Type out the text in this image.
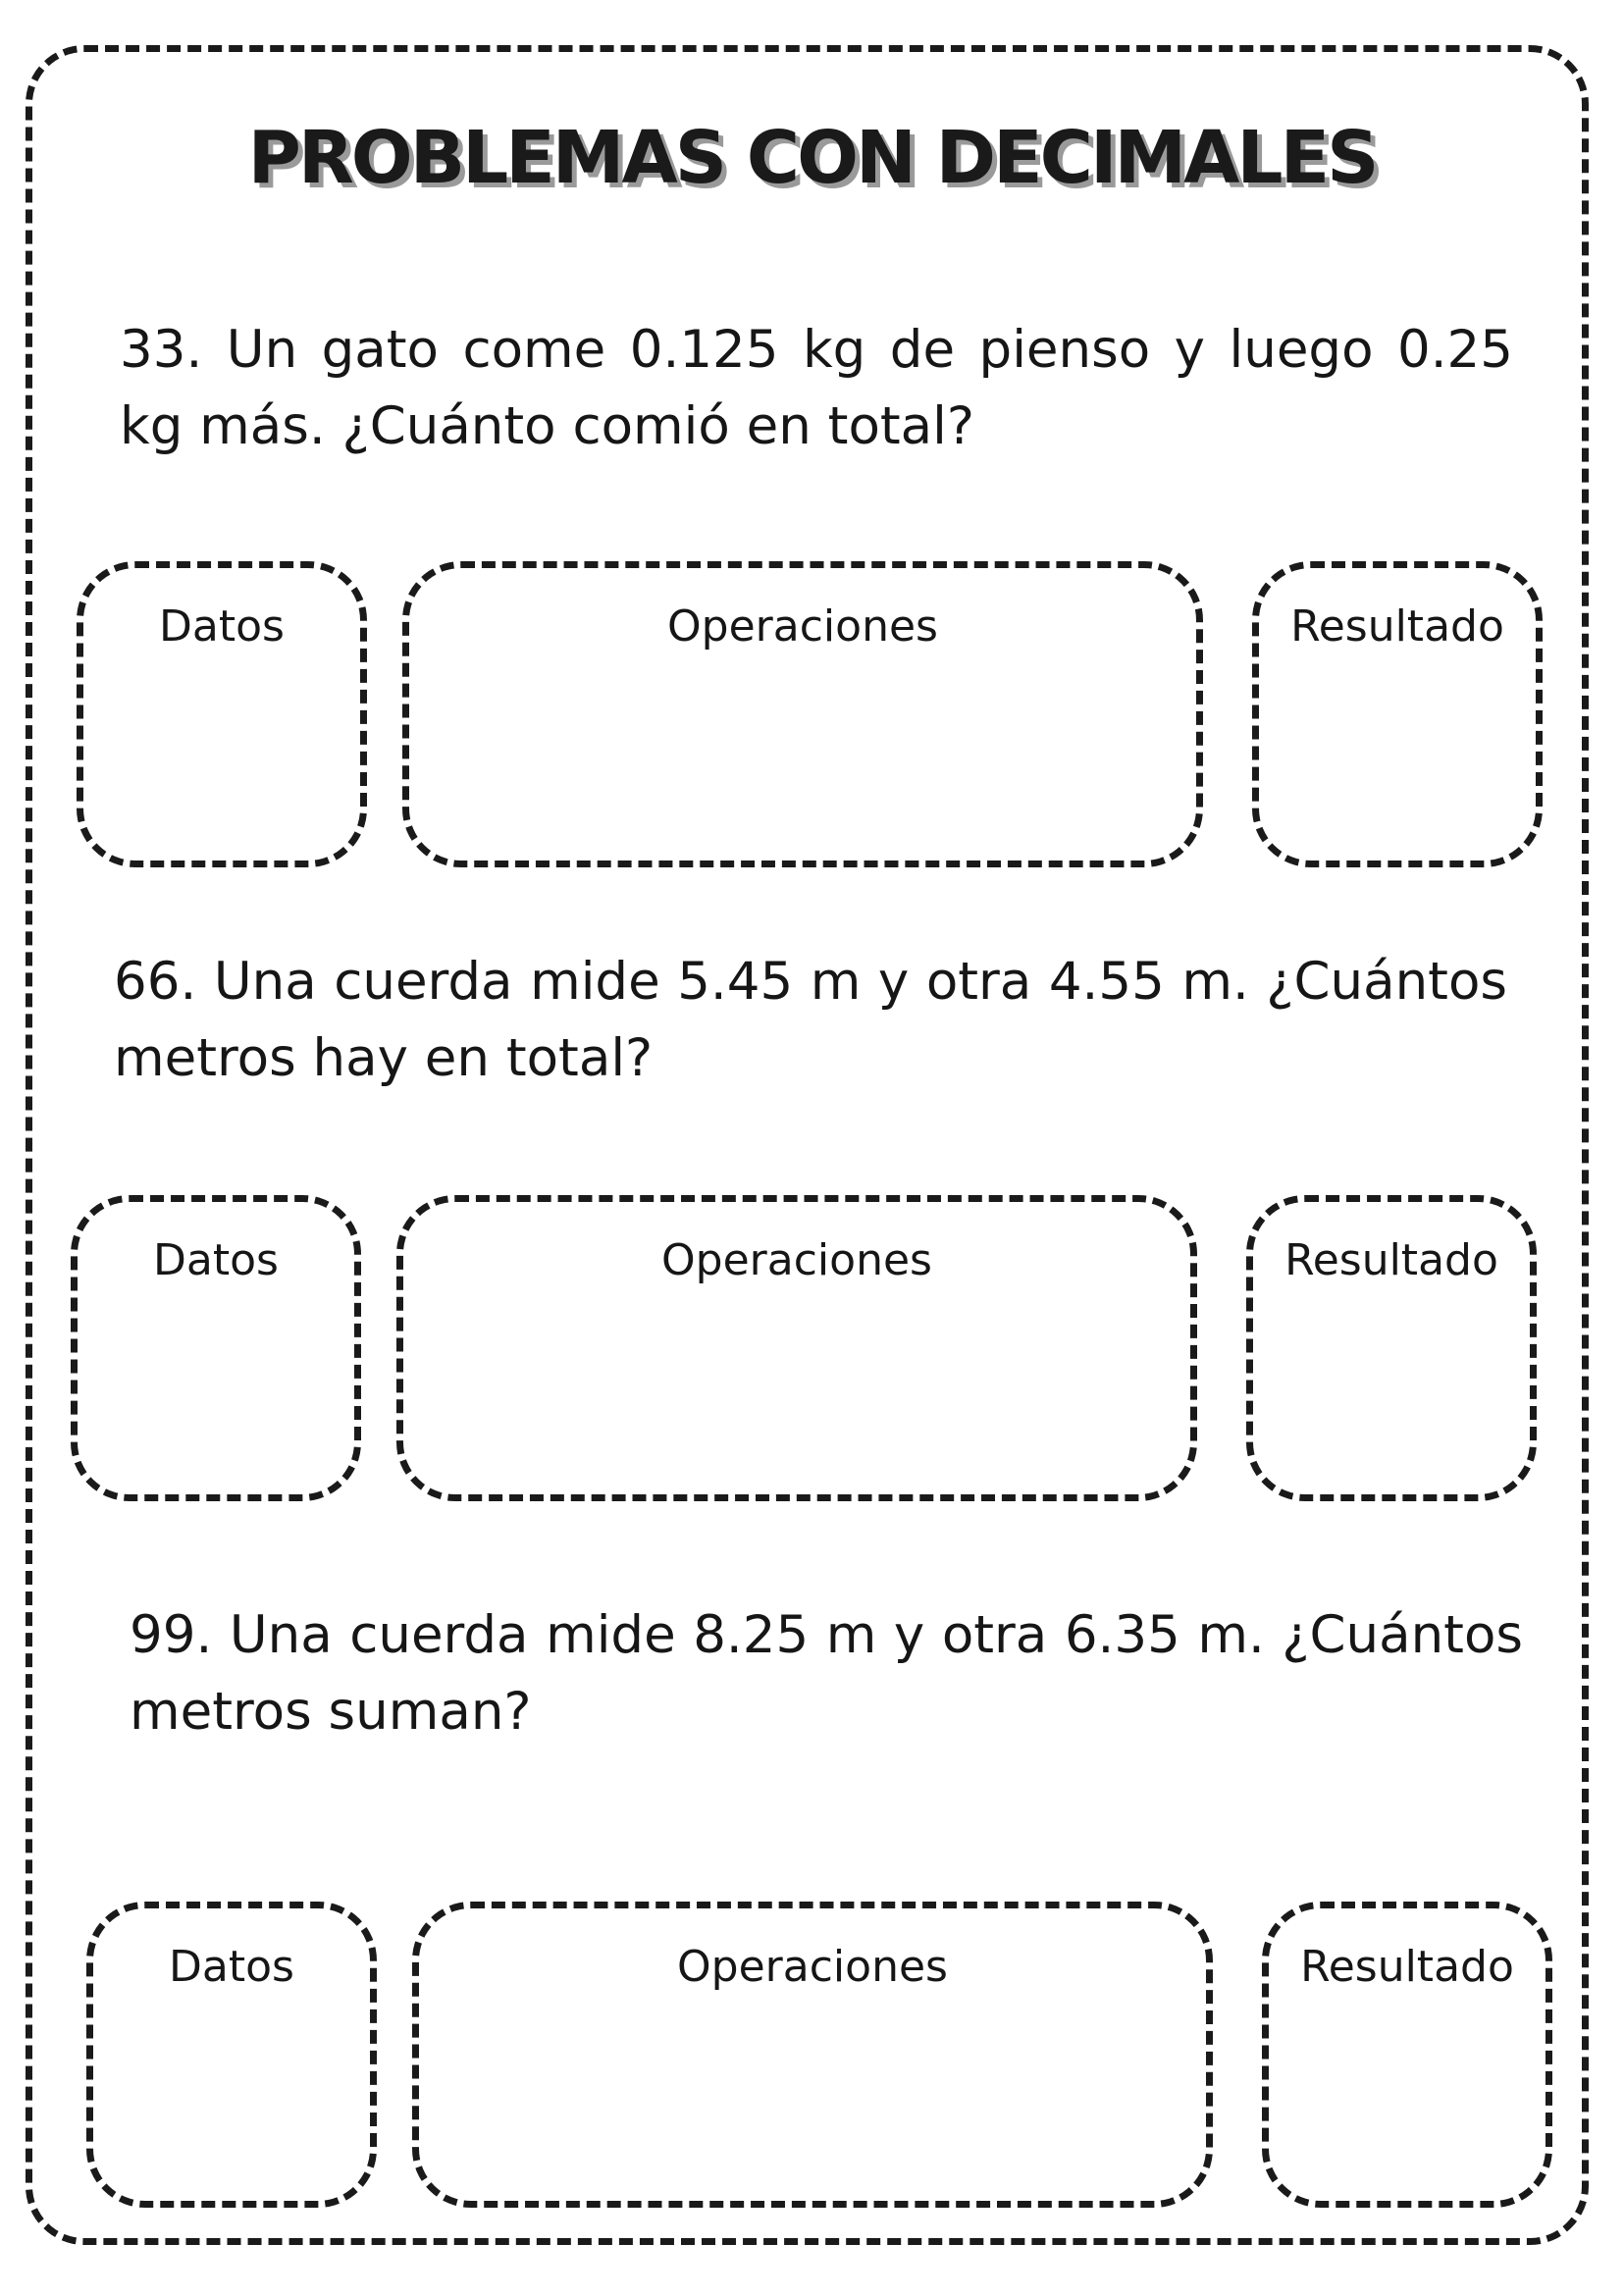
PROBLEMAS CON DECIMALES

33. Un gato come 0.125 kg de pienso y luego 0.25 kg más. ¿Cuánto comió en total?

Datos	Operaciones	Resultado

66. Una cuerda mide 5.45 m y otra 4.55 m. ¿Cuántos metros hay en total?

Datos	Operaciones	Resultado

99. Una cuerda mide 8.25 m y otra 6.35 m. ¿Cuántos metros suman?

Datos	Operaciones	Resultado
